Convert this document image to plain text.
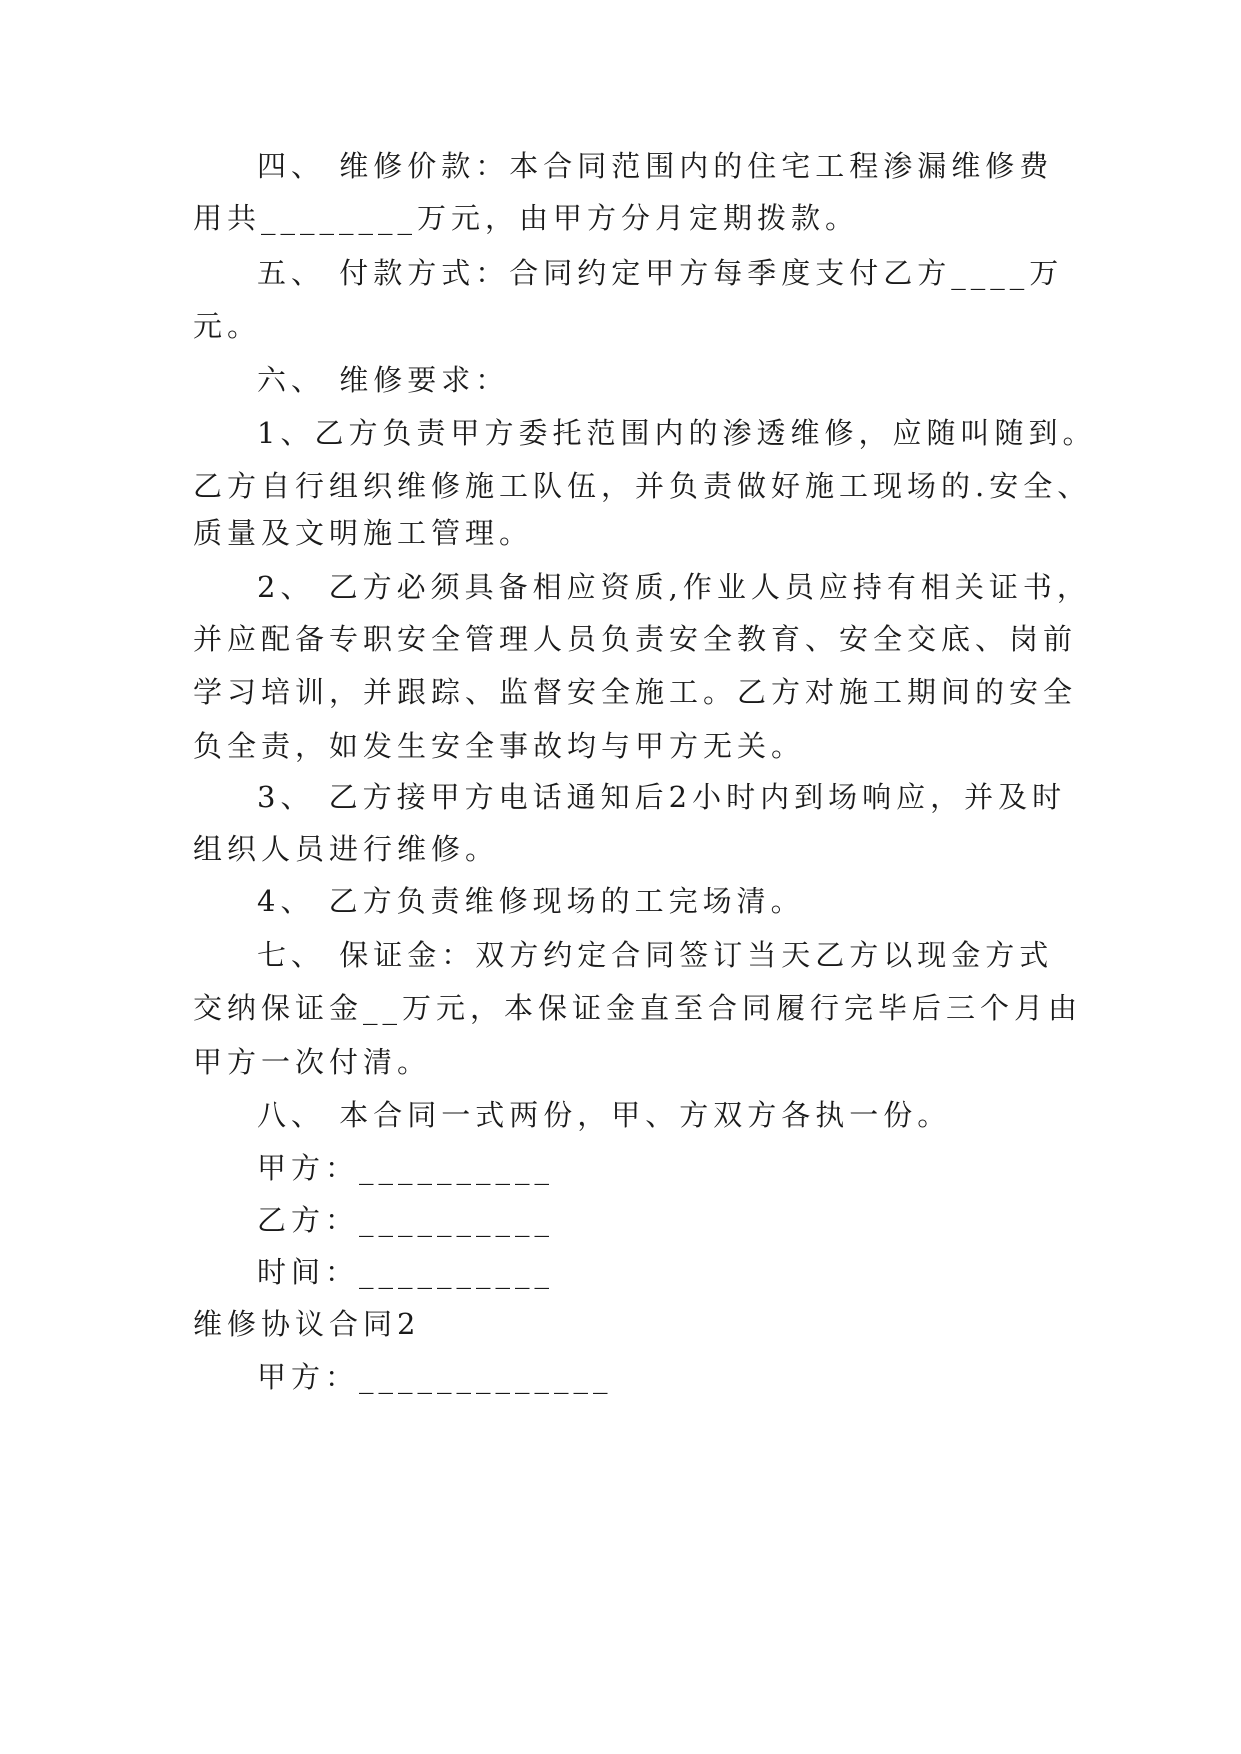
四、 维修价款：本合同范围内的住宅工程渗漏维修费
用共________万元，由甲方分月定期拨款。
五、 付款方式：合同约定甲方每季度支付乙方____万
元。
六、 维修要求：
1、乙方负责甲方委托范围内的渗透维修，应随叫随到。
乙方自行组织维修施工队伍，并负责做好施工现场的.安全、
质量及文明施工管理。
2、 乙方必须具备相应资质,作业人员应持有相关证书，
并应配备专职安全管理人员负责安全教育、安全交底、岗前
学习培训，并跟踪、监督安全施工。乙方对施工期间的安全
负全责，如发生安全事故均与甲方无关。
3、 乙方接甲方电话通知后2小时内到场响应，并及时
组织人员进行维修。
4、 乙方负责维修现场的工完场清。
七、 保证金：双方约定合同签订当天乙方以现金方式
交纳保证金__万元，本保证金直至合同履行完毕后三个月由
甲方一次付清。
八、 本合同一式两份，甲、方双方各执一份。
甲方：__________
乙方：__________
时间：__________
维修协议合同2
甲方：_____________
